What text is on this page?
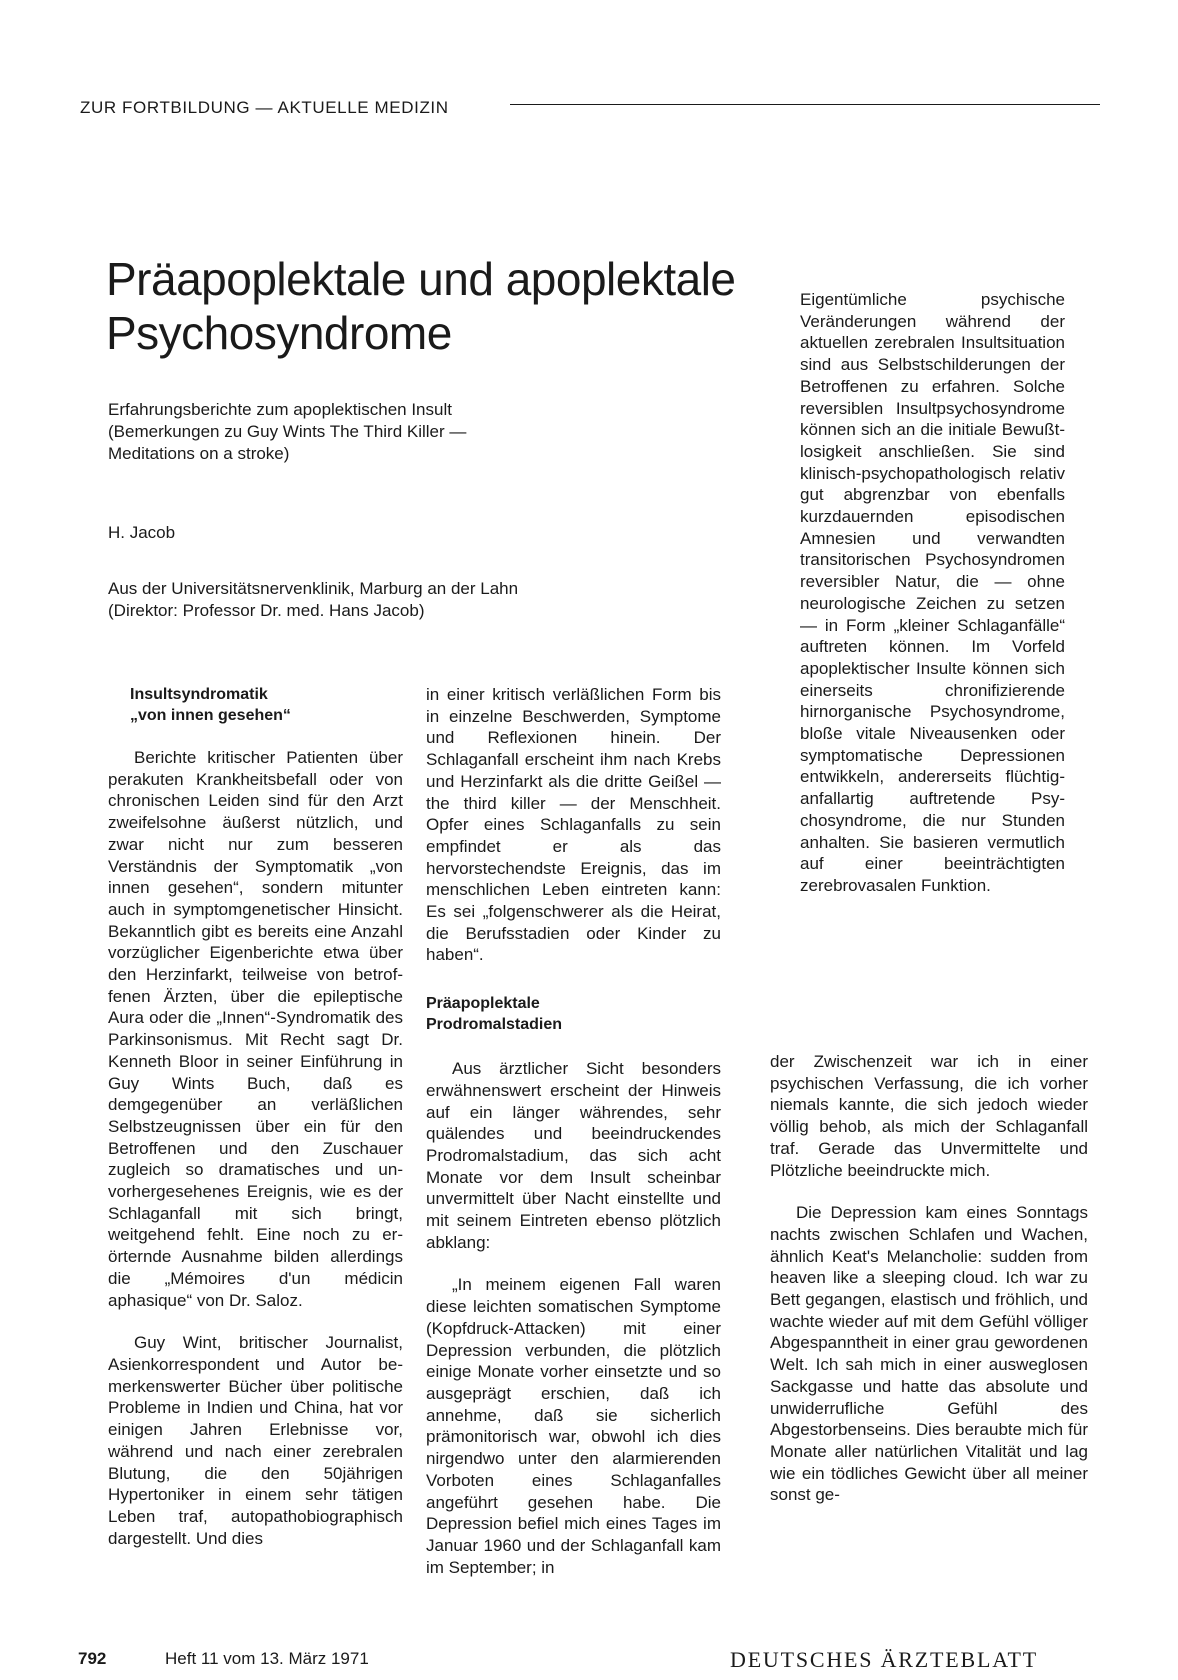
ZUR FORTBILDUNG — AKTUELLE MEDIZIN
Präapoplektale und apoplektale
Psychosyndrome
Erfahrungsberichte zum apoplektischen Insult
(Bemerkungen zu Guy Wints The Third Killer —
Meditations on a stroke)
H. Jacob
Aus der Universitätsnervenklinik, Marburg an der Lahn
(Direktor: Professor Dr. med. Hans Jacob)

Eigentümliche psychische Veränderungen während der aktuellen zerebralen Insultsituation sind aus Selbstschilderungen der Betroffenen zu erfahren. Solche reversiblen Insultpsychosyndrome können sich an die initiale Bewußtlosigkeit anschließen. Sie sind klinisch-psychopathologisch relativ gut abgrenzbar von ebenfalls kurzdauernden episodischen Amnesien und verwandten transitorischen Psychosyndromen reversibler Natur, die — ohne neurologische Zeichen zu setzen — in Form „kleiner Schlaganfälle“ auftreten können. Im Vorfeld apoplektischer Insulte können sich einerseits chronifizierende hirnorganische Psychosyndrome, bloße vitale Niveausenken oder symptomatische Depressionen entwikkeln, andererseits flüchtig-anfallartig auftretende Psychosyndrome, die nur Stunden anhalten. Sie basieren vermutlich auf einer beeinträchtigten zerebrovasalen Funktion.

Insultsyndromatik
„von innen gesehen“

Berichte kritischer Patienten über perakuten Krankheitsbefall oder von chronischen Leiden sind für den Arzt zweifelsohne äußerst nützlich, und zwar nicht nur zum besseren Verständnis der Symptomatik „von innen gesehen“, sondern mitunter auch in symptomgenetischer Hinsicht. Bekanntlich gibt es bereits eine Anzahl vorzüglicher Eigenberichte etwa über den Herzinfarkt, teilweise von betroffenen Ärzten, über die epileptische Aura oder die „Innen“-Syndromatik des Parkinsonismus. Mit Recht sagt Dr. Kenneth Bloor in seiner Einführung in Guy Wints Buch, daß es demgegenüber an verläßlichen Selbstzeugnissen über ein für den Betroffenen und den Zuschauer zugleich so dramatisches und unvorhergesehenes Ereignis, wie es der Schlaganfall mit sich bringt, weitgehend fehlt. Eine noch zu erörternde Ausnahme bilden allerdings die „Mémoires d'un médicin aphasique“ von Dr. Saloz.

Guy Wint, britischer Journalist, Asienkorrespondent und Autor bemerkenswerter Bücher über politische Probleme in Indien und China, hat vor einigen Jahren Erlebnisse vor, während und nach einer zerebralen Blutung, die den 50jährigen Hypertoniker in einem sehr tätigen Leben traf, autopathobiographisch dargestellt. Und dies

in einer kritisch verläßlichen Form bis in einzelne Beschwerden, Symptome und Reflexionen hinein. Der Schlaganfall erscheint ihm nach Krebs und Herzinfarkt als die dritte Geißel — the third killer — der Menschheit. Opfer eines Schlaganfalls zu sein empfindet er als das hervorstechendste Ereignis, das im menschlichen Leben eintreten kann: Es sei „folgenschwerer als die Heirat, die Berufsstadien oder Kinder zu haben“.

Präapoplektale
Prodromalstadien

Aus ärztlicher Sicht besonders erwähnenswert erscheint der Hinweis auf ein länger währendes, sehr quälendes und beeindruckendes Prodromalstadium, das sich acht Monate vor dem Insult scheinbar unvermittelt über Nacht einstellte und mit seinem Eintreten ebenso plötzlich abklang:

„In meinem eigenen Fall waren diese leichten somatischen Symptome (Kopfdruck-Attacken) mit einer Depression verbunden, die plötzlich einige Monate vorher einsetzte und so ausgeprägt erschien, daß ich annehme, daß sie sicherlich prämonitorisch war, obwohl ich dies nirgendwo unter den alarmierenden Vorboten eines Schlaganfalles angeführt gesehen habe. Die Depression befiel mich eines Tages im Januar 1960 und der Schlaganfall kam im September; in

der Zwischenzeit war ich in einer psychischen Verfassung, die ich vorher niemals kannte, die sich jedoch wieder völlig behob, als mich der Schlaganfall traf. Gerade das Unvermittelte und Plötzliche beeindruckte mich.

Die Depression kam eines Sonntags nachts zwischen Schlafen und Wachen, ähnlich Keat's Melancholie: sudden from heaven like a sleeping cloud. Ich war zu Bett gegangen, elastisch und fröhlich, und wachte wieder auf mit dem Gefühl völliger Abgespanntheit in einer grau gewordenen Welt. Ich sah mich in einer ausweglosen Sackgasse und hatte das absolute und unwiderrufliche Gefühl des Abgestorbenseins. Dies beraubte mich für Monate aller natürlichen Vitalität und lag wie ein tödliches Gewicht über all meiner sonst ge-

792	Heft 11 vom 13. März 1971	DEUTSCHES ÄRZTEBLATT
